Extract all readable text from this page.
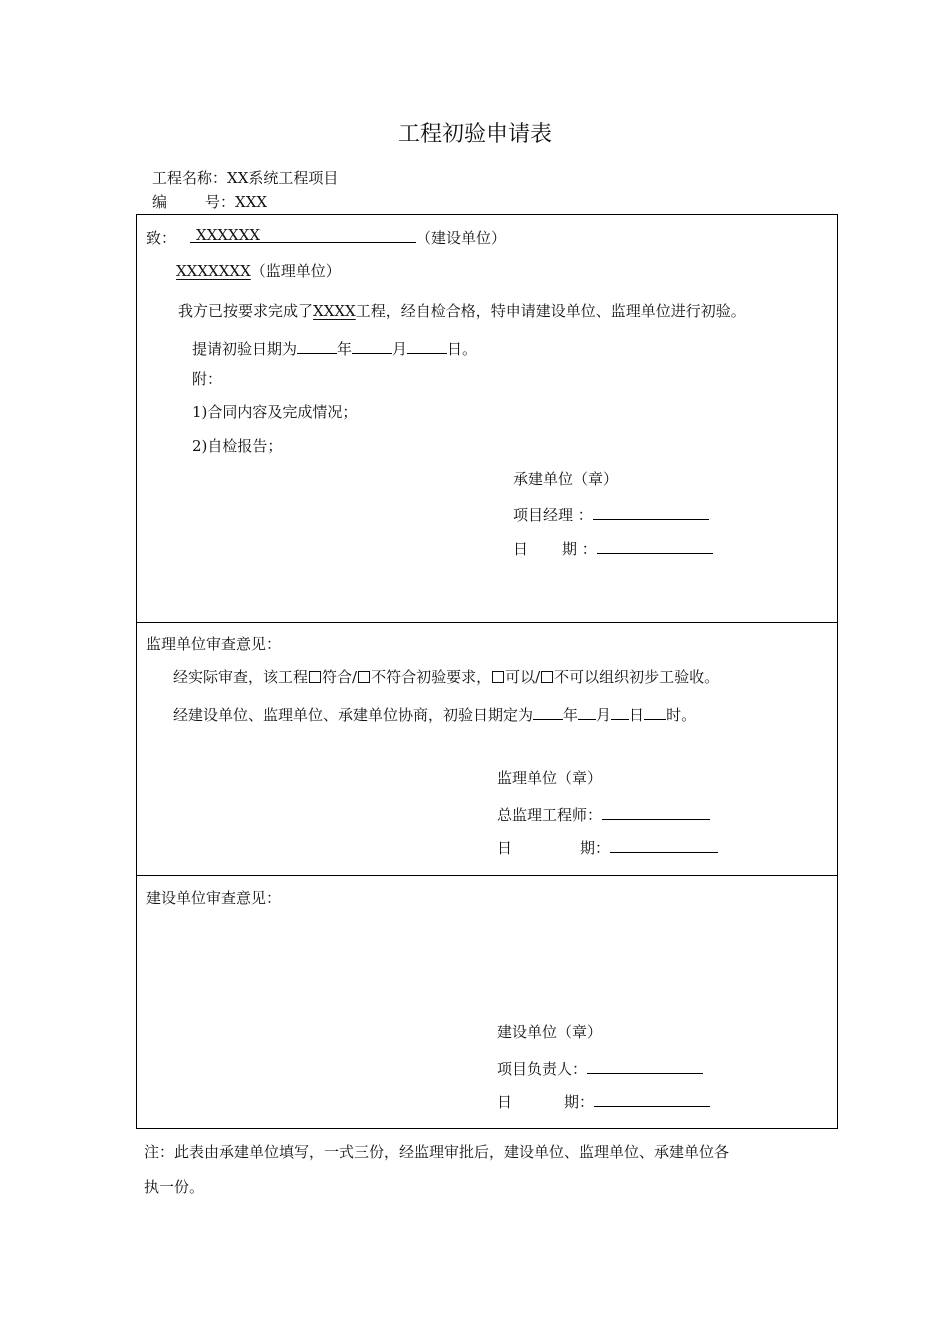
工程初验申请表
工程名称：XX系统工程项目
编	号：XXX
致： XXXXXX	（建设单位）
XXXXXXX（监理单位）
我方已按要求完成了XXXX工程，经自检合格，特申请建设单位、监理单位进行初验。
提请初验日期为	年	月	日。
附：
1)合同内容及完成情况；
2)自检报告；
承建单位（章）
项目经理 ：
日 期 ：
监理单位审查意见：
经实际审查，该工程 符合/ 不符合初验要求， 可以/ 不可以组织初步工验收。
经建设单位、监理单位、承建单位协商，初验日期定为 年 月 日 时。
监理单位（章）
总监理工程师：
日	期：
建设单位审查意见：
建设单位（章）
项目负责人：
日	期：
注：此表由承建单位填写，一式三份，经监理审批后，建设单位、监理单位、承建单位各
执一份。
